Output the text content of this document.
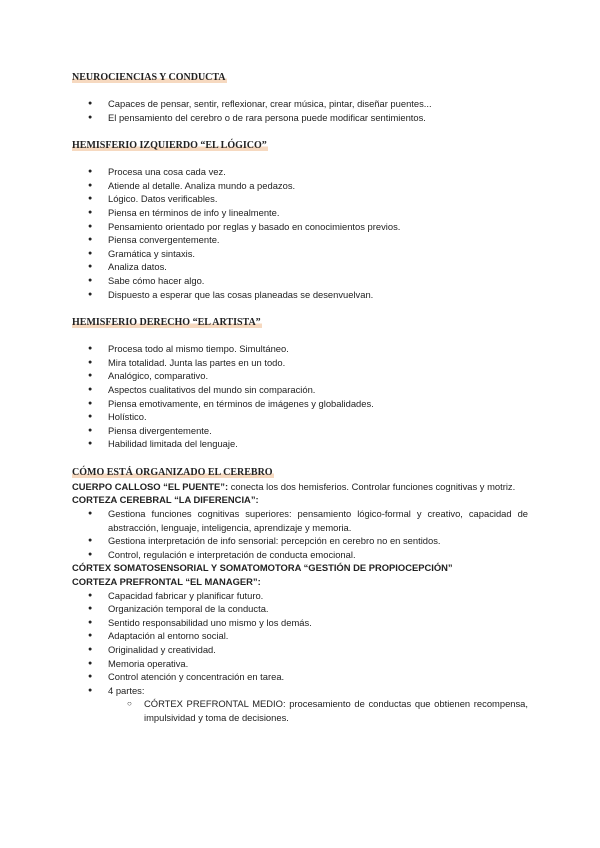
NEUROCIENCIAS Y CONDUCTA
● Capaces de pensar, sentir, reflexionar, crear música, pintar, diseñar puentes...
● El pensamiento del cerebro o de rara persona puede modificar sentimientos.
HEMISFERIO IZQUIERDO “EL LÓGICO”
● Procesa una cosa cada vez.
● Atiende al detalle. Analiza mundo a pedazos.
● Lógico. Datos verificables.
● Piensa en términos de info y linealmente.
● Pensamiento orientado por reglas y basado en conocimientos previos.
● Piensa convergentemente.
● Gramática y sintaxis.
● Analiza datos.
● Sabe cómo hacer algo.
● Dispuesto a esperar que las cosas planeadas se desenvuelvan.
HEMISFERIO DERECHO “EL ARTISTA”
● Procesa todo al mismo tiempo. Simultáneo.
● Mira totalidad. Junta las partes en un todo.
● Analógico, comparativo.
● Aspectos cualitativos del mundo sin comparación.
● Piensa emotivamente, en términos de imágenes y globalidades.
● Holístico.
● Piensa divergentemente.
● Habilidad limitada del lenguaje.
CÓMO ESTÁ ORGANIZADO EL CEREBRO

CUERPO CALLOSO “EL PUENTE”: conecta los dos hemisferios. Controlar funciones cognitivas y motriz.

CORTEZA CEREBRAL “LA DIFERENCIA”:
● Gestiona funciones cognitivas superiores: pensamiento lógico-formal y creativo, capacidad de abstracción, lenguaje, inteligencia, aprendizaje y memoria.
● Gestiona interpretación de info sensorial: percepción en cerebro no en sentidos.
● Control, regulación e interpretación de conducta emocional.
CÓRTEX SOMATOSENSORIAL Y SOMATOMOTORA “GESTIÓN DE PROPIOCEPCIÓN”
CORTEZA PREFRONTAL “EL MANAGER”:
● Capacidad fabricar y planificar futuro.
● Organización temporal de la conducta.
● Sentido responsabilidad uno mismo y los demás.
● Adaptación al entorno social.
● Originalidad y creatividad.
● Memoria operativa.
● Control atención y concentración en tarea.
● 4 partes:
○ CÓRTEX PREFRONTAL MEDIO: procesamiento de conductas que obtienen recompensa, impulsividad y toma de decisiones.
